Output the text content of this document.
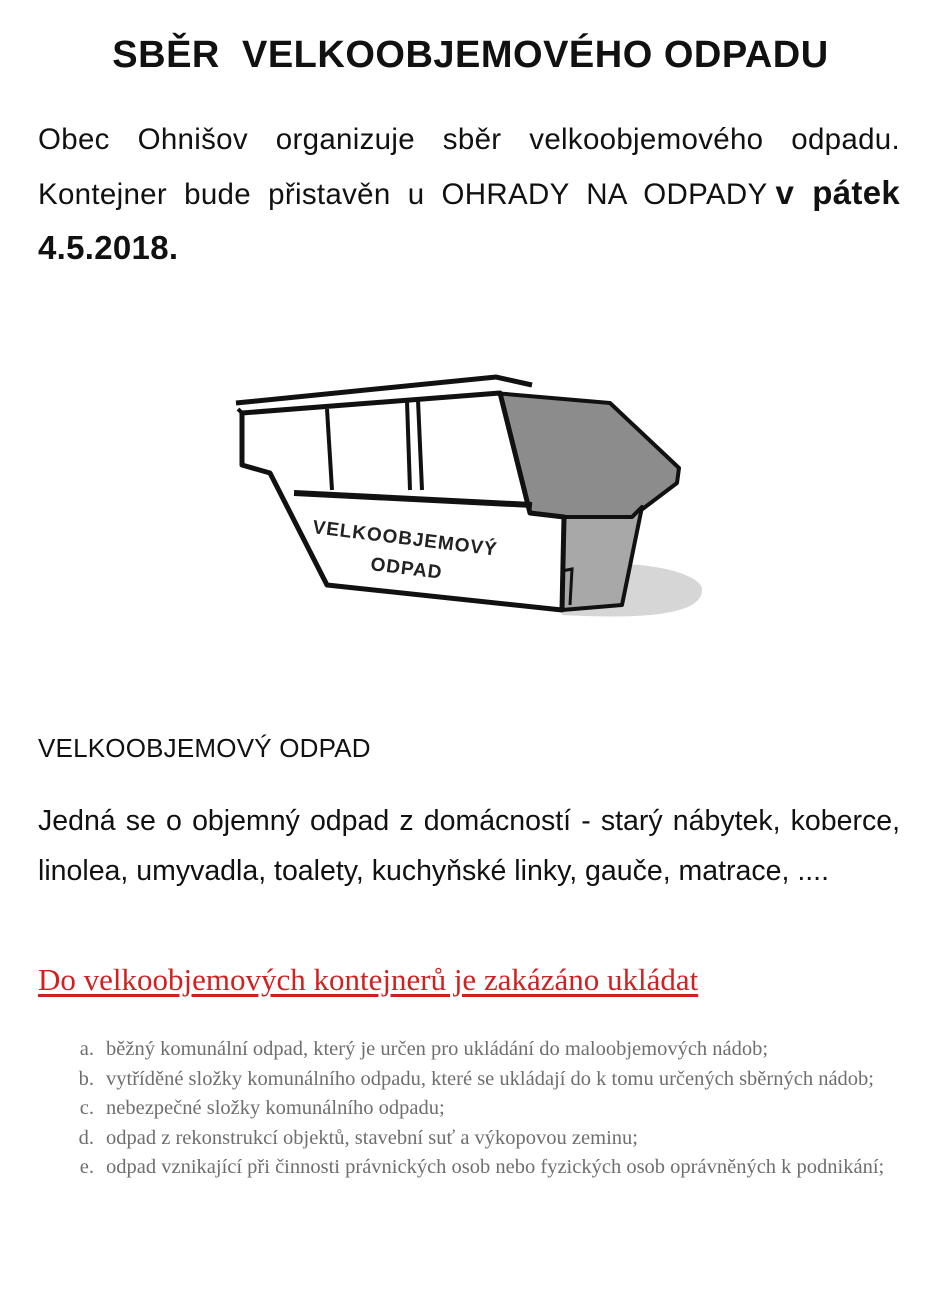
SBĚR  VELKOOBJEMOVÉHO ODPADU

Obec Ohnišov organizuje sběr velkoobjemového odpadu. Kontejner bude přistavěn u OHRADY NA ODPADY v pátek 4.5.2018.

VELKOOBJEMOVÝ
ODPAD
VELKOOBJEMOVÝ ODPAD

Jedná se o objemný odpad z domácností - starý nábytek, koberce, linolea, umyvadla, toalety, kuchyňské linky, gauče, matrace, ....

Do velkoobjemových kontejnerů je zakázáno ukládat
a. běžný komunální odpad, který je určen pro ukládání do maloobjemových nádob;
b. vytříděné složky komunálního odpadu, které se ukládají do k tomu určených sběrných nádob;
c. nebezpečné složky komunálního odpadu;
d. odpad z rekonstrukcí objektů, stavební suť a výkopovou zeminu;
e. odpad vznikající při činnosti právnických osob nebo fyzických osob oprávněných k podnikání;
